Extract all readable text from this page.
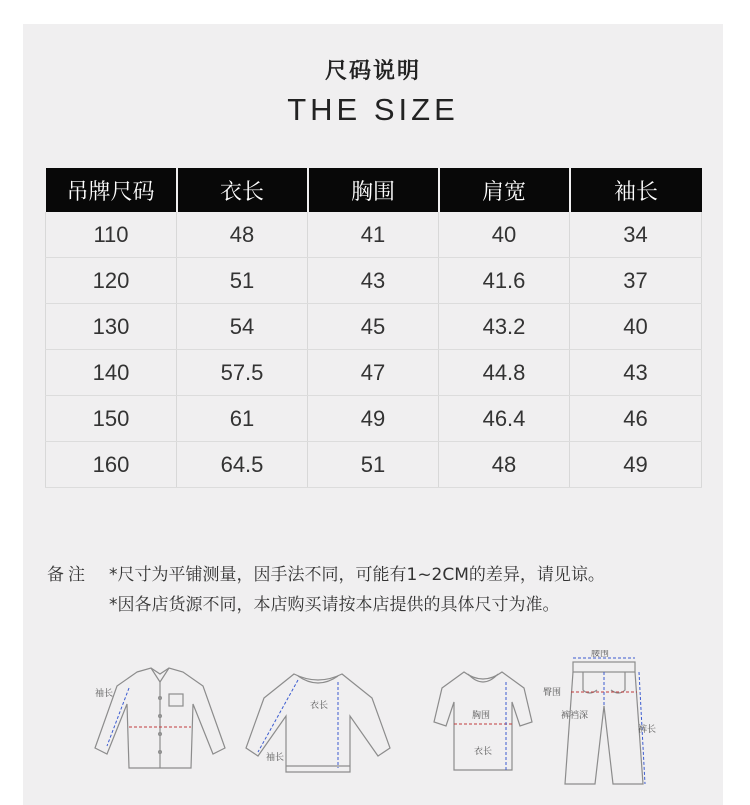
尺码说明
THE SIZE
吊牌尺码	衣长	胸围	肩宽	袖长
110	48	41	40	34
120	51	43	41.6	37
130	54	45	43.2	40
140	57.5	47	44.8	43
150	61	49	46.4	46
160	64.5	51	48	49
备注 *尺寸为平铺测量，因手法不同，可能有1~2CM的差异，请见谅。
*因各店货源不同，本店购买请按本店提供的具体尺寸为准。
袖长
衣长
袖长
胸围
衣长
腰围
臀围
裤裆深
裤长
